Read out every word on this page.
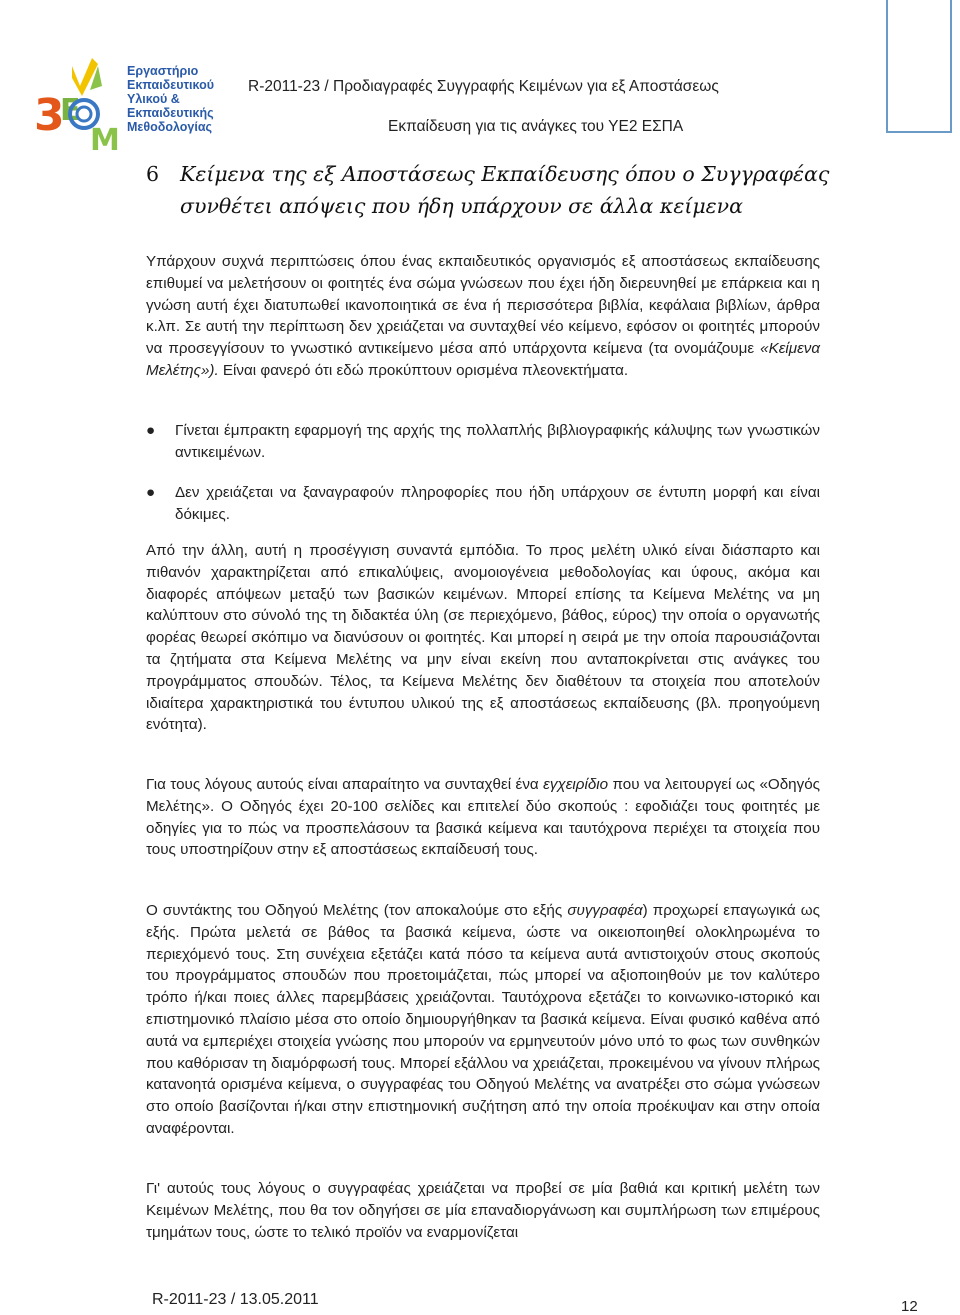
3
E
M
Εργαστήριο
Εκπαιδευτικού
Υλικού &
Εκπαιδευτικής
Μεθοδολογίας
R-2011-23 / Προδιαγραφές Συγγραφής Κειμένων για εξ Αποστάσεως
Εκπαίδευση για τις ανάγκες του ΥΕ2 ΕΣΠΑ
6 Κείμενα της εξ Αποστάσεως Εκπαίδευσης όπου ο Συγγραφέας συνθέτει απόψεις που ήδη υπάρχουν σε άλλα κείμενα
Υπάρχουν συχνά περιπτώσεις όπου ένας εκπαιδευτικός οργανισμός εξ αποστάσεως εκπαίδευσης επιθυμεί να μελετήσουν οι φοιτητές ένα σώμα γνώσεων που έχει ήδη διερευνηθεί με επάρκεια και η γνώση αυτή έχει διατυπωθεί ικανοποιητικά σε ένα ή περισσότερα βιβλία, κεφάλαια βιβλίων, άρθρα κ.λπ. Σε αυτή την περίπτωση δεν χρειάζεται να συνταχθεί νέο κείμενο, εφόσον οι φοιτητές μπορούν να προσεγγίσουν το γνωστικό αντικείμενο μέσα από υπάρχοντα κείμενα (τα ονομάζουμε «Κείμενα Μελέτης»). Είναι φανερό ότι εδώ προκύπτουν ορισμένα πλεονεκτήματα.
● Γίνεται έμπρακτη εφαρμογή της αρχής της πολλαπλής βιβλιογραφικής κάλυψης των γνωστικών αντικειμένων.
● Δεν χρειάζεται να ξαναγραφούν πληροφορίες που ήδη υπάρχουν σε έντυπη μορφή και είναι δόκιμες.
Από την άλλη, αυτή η προσέγγιση συναντά εμπόδια. Το προς μελέτη υλικό είναι διάσπαρτο και πιθανόν χαρακτηρίζεται από επικαλύψεις, ανομοιογένεια μεθοδολογίας και ύφους, ακόμα και διαφορές απόψεων μεταξύ των βασικών κειμένων. Μπορεί επίσης τα Κείμενα Μελέτης να μη καλύπτουν στο σύνολό της τη διδακτέα ύλη (σε περιεχόμενο, βάθος, εύρος) την οποία ο οργανωτής φορέας θεωρεί σκόπιμο να διανύσουν οι φοιτητές. Και μπορεί η σειρά με την οποία παρουσιάζονται τα ζητήματα στα Κείμενα Μελέτης να μην είναι εκείνη που ανταποκρίνεται στις ανάγκες του προγράμματος σπουδών. Τέλος, τα Κείμενα Μελέτης δεν διαθέτουν τα στοιχεία που αποτελούν ιδιαίτερα χαρακτηριστικά του έντυπου υλικού της εξ αποστάσεως εκπαίδευσης (βλ. προηγούμενη ενότητα).
Για τους λόγους αυτούς είναι απαραίτητο να συνταχθεί ένα εγχειρίδιο που να λειτουργεί ως «Οδηγός Μελέτης». Ο Οδηγός έχει 20-100 σελίδες και επιτελεί δύο σκοπούς : εφοδιάζει τους φοιτητές με οδηγίες για το πώς να προσπελάσουν τα βασικά κείμενα και ταυτόχρονα περιέχει τα στοιχεία που τους υποστηρίζουν στην εξ αποστάσεως εκπαίδευσή τους.
Ο συντάκτης του Οδηγού Μελέτης (τον αποκαλούμε στο εξής συγγραφέα) προχωρεί επαγωγικά ως εξής. Πρώτα μελετά σε βάθος τα βασικά κείμενα, ώστε να οικειοποιηθεί ολοκληρωμένα το περιεχόμενό τους. Στη συνέχεια εξετάζει κατά πόσο τα κείμενα αυτά αντιστοιχούν στους σκοπούς του προγράμματος σπουδών που προετοιμάζεται, πώς μπορεί να αξιοποιηθούν με τον καλύτερο τρόπο ή/και ποιες άλλες παρεμβάσεις χρειάζονται. Ταυτόχρονα εξετάζει το κοινωνικο-ιστορικό και επιστημονικό πλαίσιο μέσα στο οποίο δημιουργήθηκαν τα βασικά κείμενα. Είναι φυσικό καθένα από αυτά να εμπεριέχει στοιχεία γνώσης που μπορούν να ερμηνευτούν μόνο υπό το φως των συνθηκών που καθόρισαν τη διαμόρφωσή τους. Μπορεί εξάλλου να χρειάζεται, προκειμένου να γίνουν πλήρως κατανοητά ορισμένα κείμενα, ο συγγραφέας του Οδηγού Μελέτης να ανατρέξει στο σώμα γνώσεων στο οποίο βασίζονται ή/και στην επιστημονική συζήτηση από την οποία προέκυψαν και στην οποία αναφέρονται.
Γι' αυτούς τους λόγους ο συγγραφέας χρειάζεται να προβεί σε μία βαθιά και κριτική μελέτη των Κειμένων Μελέτης, που θα τον οδηγήσει σε μία επαναδιοργάνωση και συμπλήρωση των επιμέρους τμημάτων τους, ώστε το τελικό προϊόν να εναρμονίζεται
R-2011-23 / 13.05.2011	12
